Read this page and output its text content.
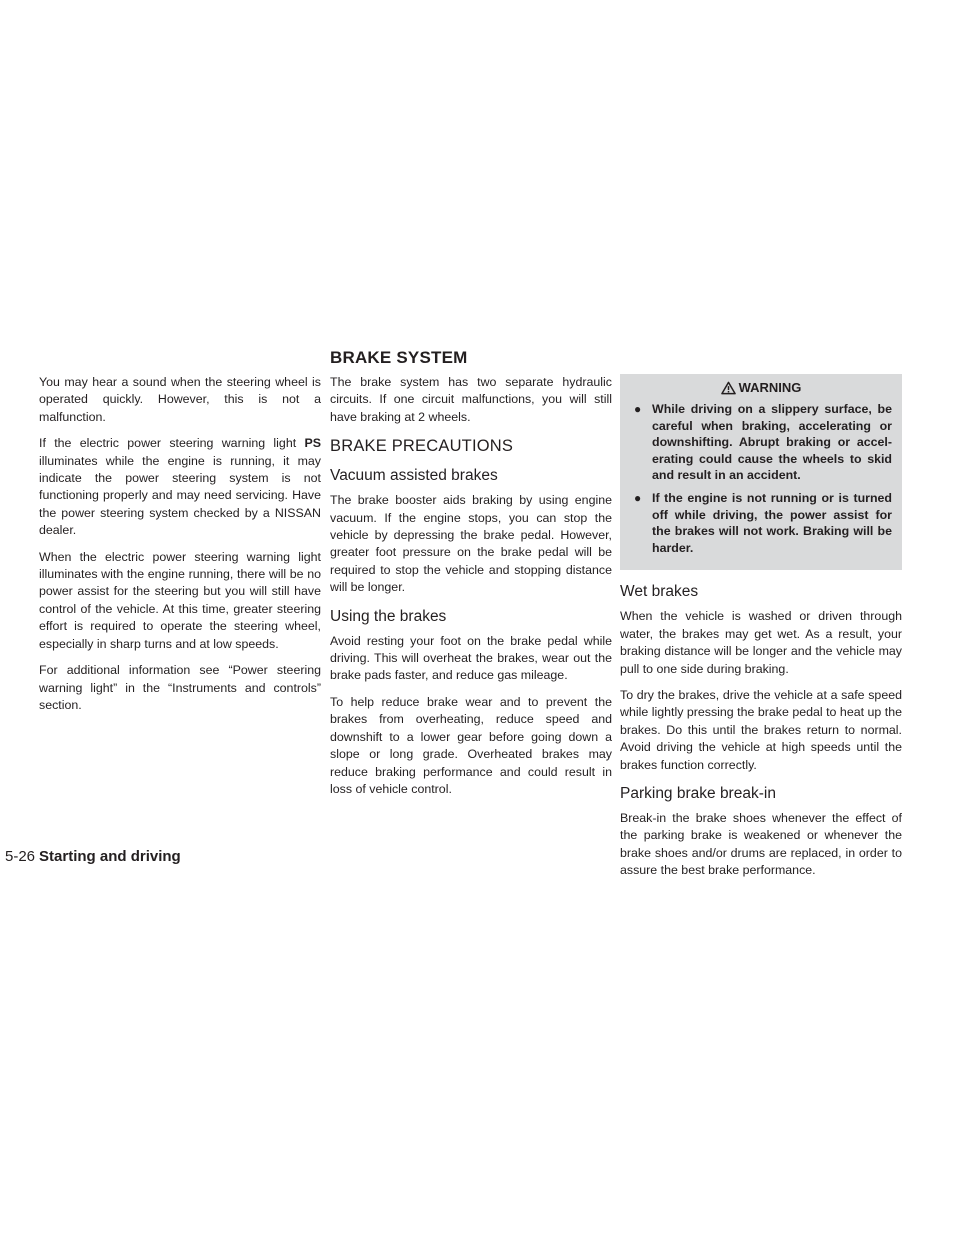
BRAKE SYSTEM

You may hear a sound when the steering wheel is operated quickly. However, this is not a malfunction.

If the electric power steering warning light PS illuminates while the engine is running, it may indicate the power steering system is not functioning properly and may need servicing. Have the power steering system checked by a NISSAN dealer.

When the electric power steering warning light illuminates with the engine running, there will be no power assist for the steering but you will still have control of the vehicle. At this time, greater steering effort is required to operate the steering wheel, especially in sharp turns and at low speeds.

For additional information see “Power steering warning light” in the “Instruments and controls” section.

The brake system has two separate hydraulic circuits. If one circuit malfunctions, you will still have braking at 2 wheels.

BRAKE PRECAUTIONS
Vacuum assisted brakes

The brake booster aids braking by using engine vacuum. If the engine stops, you can stop the vehicle by depressing the brake pedal. However, greater foot pressure on the brake pedal will be required to stop the vehicle and stopping distance will be longer.

Using the brakes

Avoid resting your foot on the brake pedal while driving. This will overheat the brakes, wear out the brake pads faster, and reduce gas mileage.

To help reduce brake wear and to prevent the brakes from overheating, reduce speed and downshift to a lower gear before going down a slope or long grade. Overheated brakes may reduce braking performance and could result in loss of vehicle control.

WARNING
● While driving on a slippery surface, be careful when braking, accelerating or downshifting. Abrupt braking or accelerating could cause the wheels to skid and result in an accident.
● If the engine is not running or is turned off while driving, the power assist for the brakes will not work. Braking will be harder.
Wet brakes

When the vehicle is washed or driven through water, the brakes may get wet. As a result, your braking distance will be longer and the vehicle may pull to one side during braking.

To dry the brakes, drive the vehicle at a safe speed while lightly pressing the brake pedal to heat up the brakes. Do this until the brakes return to normal. Avoid driving the vehicle at high speeds until the brakes function correctly.

Parking brake break-in

Break-in the brake shoes whenever the effect of the parking brake is weakened or whenever the brake shoes and/or drums are replaced, in order to assure the best brake performance.

5-26 Starting and driving
